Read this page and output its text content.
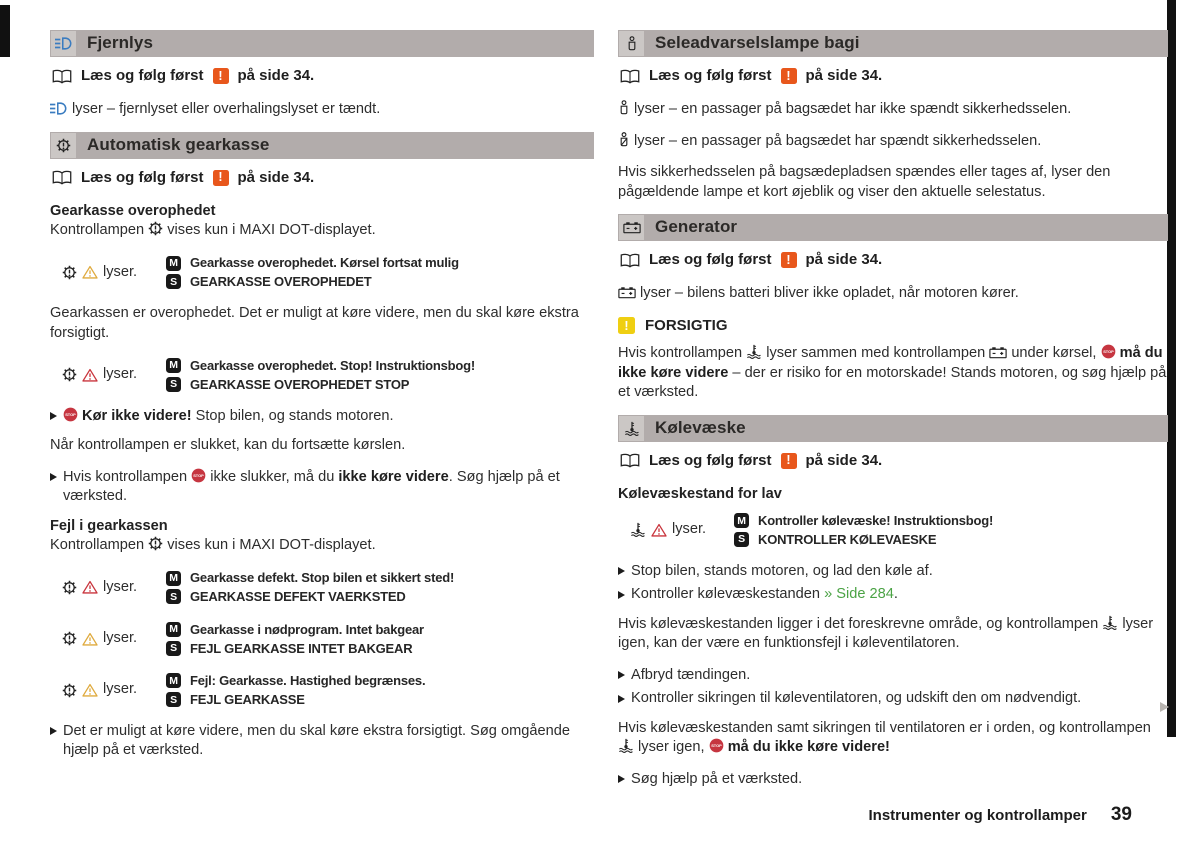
Fjernlys
Læs og følg først	! på side 34.
lyser – fjernlyset eller overhalingslyset er tændt.
Automatisk gearkasse
Læs og følg først	! på side 34.
Gearkasse overophedet
Kontrollampen  vises kun i MAXI DOT-displayet.
lyser.
M Gearkasse overophedet. Kørsel fortsat mulig
S	GEARKASSE OVEROPHEDET
Gearkassen er overophedet. Det er muligt at køre videre, men du skal køre ekstra forsigtigt.
lyser.
M Gearkasse overophedet. Stop! Instruktionsbog!
S	GEARKASSE OVEROPHEDET STOP
STOP Kør ikke videre! Stop bilen, og stands motoren.
Når kontrollampen er slukket, kan du fortsætte kørslen.
Hvis kontrollampen STOP ikke slukker, må du ikke køre videre. Søg hjælp på et værksted.
Fejl i gearkassen
Kontrollampen  vises kun i MAXI DOT-displayet.
lyser.
M Gearkasse defekt. Stop bilen et sikkert sted!
S	GEARKASSE DEFEKT VAERKSTED
lyser.
M Gearkasse i nødprogram. Intet bakgear
S	FEJL GEARKASSE INTET BAKGEAR
lyser.
M Fejl: Gearkasse. Hastighed begrænses.
S	FEJL GEARKASSE
Det er muligt at køre videre, men du skal køre ekstra forsigtigt. Søg omgående hjælp på et værksted.
Seleadvarselslampe bagi
Læs og følg først	! på side 34.
lyser – en passager på bagsædet har ikke spændt sikkerhedsselen.
lyser – en passager på bagsædet har spændt sikkerhedsselen.
Hvis sikkerhedsselen på bagsædepladsen spændes eller tages af, lyser den pågældende lampe et kort øjeblik og viser den aktuelle selestatus.
Generator
Læs og følg først	! på side 34.
lyser – bilens batteri bliver ikke opladet, når motoren kører.
!	FORSIGTIG
Hvis kontrollampen  lyser sammen med kontrollampen  under kørsel, STOP må du ikke køre videre – der er risiko for en motorskade! Stands motoren, og søg hjælp på et værksted.
Kølevæske
Læs og følg først	! på side 34.
Kølevæskestand for lav
lyser.
M Kontroller kølevæske! Instruktionsbog!
S	KONTROLLER KØLEVAESKE
Stop bilen, stands motoren, og lad den køle af.
Kontroller kølevæskestanden » Side 284.
Hvis kølevæskestanden ligger i det foreskrevne område, og kontrollampen  lyser igen, kan der være en funktionsfejl i køleventilatoren.
Afbryd tændingen.
Kontroller sikringen til køleventilatoren, og udskift den om nødvendigt.
Hvis kølevæskestanden samt sikringen til ventilatoren er i orden, og kontrollampen  lyser igen, STOP må du ikke køre videre!
Søg hjælp på et værksted.
Instrumenter og kontrollamper 39
